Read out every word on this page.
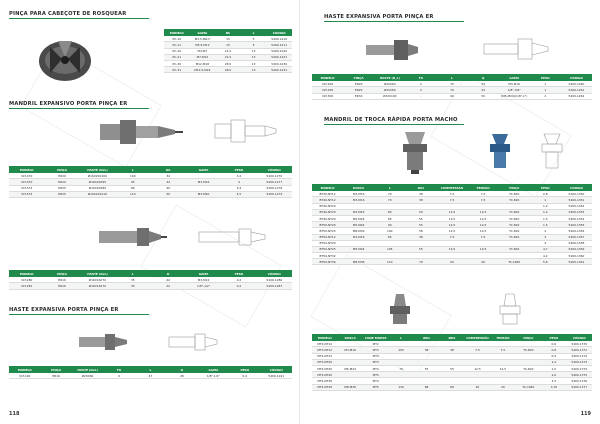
PINÇA PARA CABEÇOTE DE ROSQUEAR
MODELO	GAMA	Dh	L	CÓDIGO
PC-10	M3,5-M6,5	15	5	5400-1210
PC-11	M5,5-M12	15	5	5400-1211
PC-20	M4-M7	21,5	13	5400-1220
PC-21	M7-M12	21,5	13	5400-1221
PC-30	M12-M18	28,5	13	5400-1230
PC-31	M12,5-M24	28,5	13	5400-1231
MANDRIL EXPANSIVO PORTA PINÇA ER
MODELO	PINÇA	HASTE (DxL)	L	Dh	GAMA	PESO	CÓDIGO
VLT-470	ER20	Ø16X20X100	100	34		3,2	5400-1276
VLT-470	ER20	Ø16X20X95	95	34	M3-M16	4	5400-1277
VLT-574	ER25	Ø16X20X80	80	40		3,4	5400-1278
VLT-574	ER25	Ø16X20X110	110	50	M3-M20	4,5	5400-1279
MODELO	PINÇA	HASTE (DxL)	L	D	GAMA	PESO	CÓDIGO
VLT-280	ER16	Ø16X16X70	35	22	M3-M12	0,2	5400-1286
VLT-281	ER16	Ø16X16X70	35	22	1/8"-1/2"	0,2	5400-1287
HASTE EXPANSIVA PORTA PINÇA ER
MODELO	PINÇA	HASTE (DxL)	F0	L	Q	GAMA	PESO	CÓDIGO
VLT-100	ER16	Ø20X60	0	47	28	1/8"-1/2"	0,4	5400-1241
118
HASTE EXPANSIVA PORTA PINÇA ER
MODELO	PINÇA	HASTE (D_L)	F0	L	Q	GAMA	PESO	CÓDIGO
VLT-200	ER20	Ø20X60	2	70	34	M3-M16	1	5400-1260
VLT-250	ER25	Ø25X60	2	70	34	1/8"-3/4"	1	5400-1261
VLT-300	ER32	Ø32X100	-	90	50	(M5-M20)(1/8"-1")	2	5400-1262
MANDRIL DE TROCA RÁPIDA PORTA MACHO
MODELO	ROSCA	L	D01	COMPRESSÃO	TENSÃO	PINÇA	PESO	CÓDIGO
BT30-NT12	M3-M16	70	38	7,5	7,5	TC-820	0,8	5400-1350
BT40-NT12	M3-M16	70	38	7,5	7,5	TC-820	1	5400-1351
BT40-NT20							1,2	5400-1352
BT40-NT20	M3-M22	80	50	12,5	12,5	TC-820	1,2	5400-1353
BT40-NT20	M5-M24	85	55	12,5	12,5	TC-820	1,5	5400-1354
BT50-NT20	M5-M24	90	55	12,5	12,5	TC-820	1,5	5400-1355
BT50-NT25	M8-M30	100	58	12,5	12,5	TC-820	2	5400-1356
BT50-NT12	M3-M16	85	38	7,5	7,5	TC-820	3	5400-1357
BT50-NT20							4	5400-1358
BT50-NT25	M5-M24	105	55	12,5	12,5	TC-820	4,7	5400-1359
BT50-NT32							4,2	5400-1360
BT50-NT36	M8-M36	110	70	20	20	TC-1650	5,6	5400-1361
MODELO	ROSCA	CONE MORSE	L	ØD1	ØD2	COMPRESSÃO	TENSÃO	PINÇA	PESO	CÓDIGO
MT2-NT12		MT2							0,6	5400-1370
MT3-NT12	M3-M16	MT3	105	38	38	7,5	7,5	TC-820	0,8	5400-1371
MT4-NT12		MT4							0,9	5400-1372
MT3-NT20		MT3							1,2	5400-1373
MT4-NT20	M5-M24	MT4	70	55	55	12,5	12,5	TC-820	1,5	5400-1374
MT5-NT20		MT5							1,6	5400-1375
MT4-NT36		MT4							3,2	5400-1376
MT4-NT36	M8-M36	MT5	130	68	68	20	20	TC-1650	3,76	5400-1377
119
